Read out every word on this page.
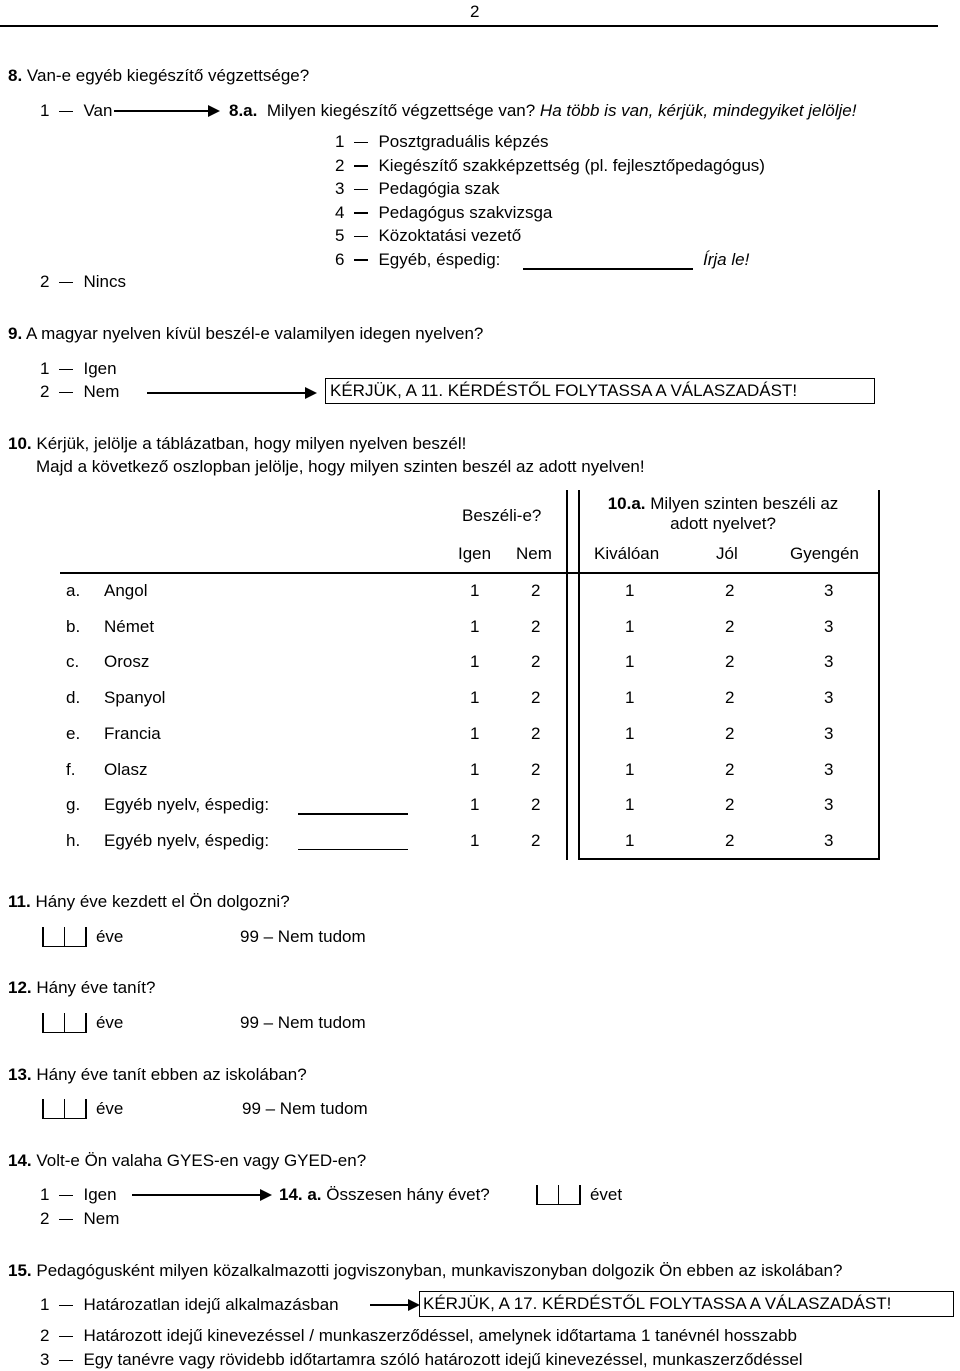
2
8. Van-e egyéb kiegészítő végzettsége?
1 Van	8.a. Milyen kiegészítő végzettsége van? Ha több is van, kérjük, mindegyiket jelölje!
1 Posztgraduális képzés
2 Kiegészítő szakképzettség (pl. fejlesztőpedagógus)
3 Pedagógia szak
4 Pedagógus szakvizsga
5 Közoktatási vezető
6 Egyéb, éspedig:	Írja le!
2 Nincs
9. A magyar nyelven kívül beszél-e valamilyen idegen nyelven?
1 Igen
2 Nem	KÉRJÜK, A 11. KÉRDÉSTŐL FOLYTASSA A VÁLASZADÁST!
10. Kérjük, jelölje a táblázatban, hogy milyen nyelven beszél!
Majd a következő oszlopban jelölje, hogy milyen szinten beszél az adott nyelven!
Beszéli-e?
10.a. Milyen szinten beszéli az adott nyelvet?
Igen Nem Kiválóan	Jól	Gyengén
a. Angol	1	2	1	2	3
b. Német	1	2	1	2	3
c. Orosz	1	2	1	2	3
d. Spanyol	1	2	1	2	3
e. Francia	1	2	1	2	3
f. Olasz	1	2	1	2	3
g. Egyéb nyelv, éspedig:	1	2	1	2	3
h. Egyéb nyelv, éspedig:	1	2	1	2	3
11. Hány éve kezdett el Ön dolgozni?
éve	99 – Nem tudom
12. Hány éve tanít?
éve	99 – Nem tudom
13. Hány éve tanít ebben az iskolában?
éve	99 – Nem tudom
14. Volt-e Ön valaha GYES-en vagy GYED-en?
1 Igen	14. a. Összesen hány évet?	évet
2 Nem
15. Pedagógusként milyen közalkalmazotti jogviszonyban, munkaviszonyban dolgozik Ön ebben az iskolában?
1 Határozatlan idejű alkalmazásban	KÉRJÜK, A 17. KÉRDÉSTŐL FOLYTASSA A VÁLASZADÁST!
2 Határozott idejű kinevezéssel / munkaszerződéssel, amelynek időtartama 1 tanévnél hosszabb
3 Egy tanévre vagy rövidebb időtartamra szóló határozott idejű kinevezéssel, munkaszerződéssel
